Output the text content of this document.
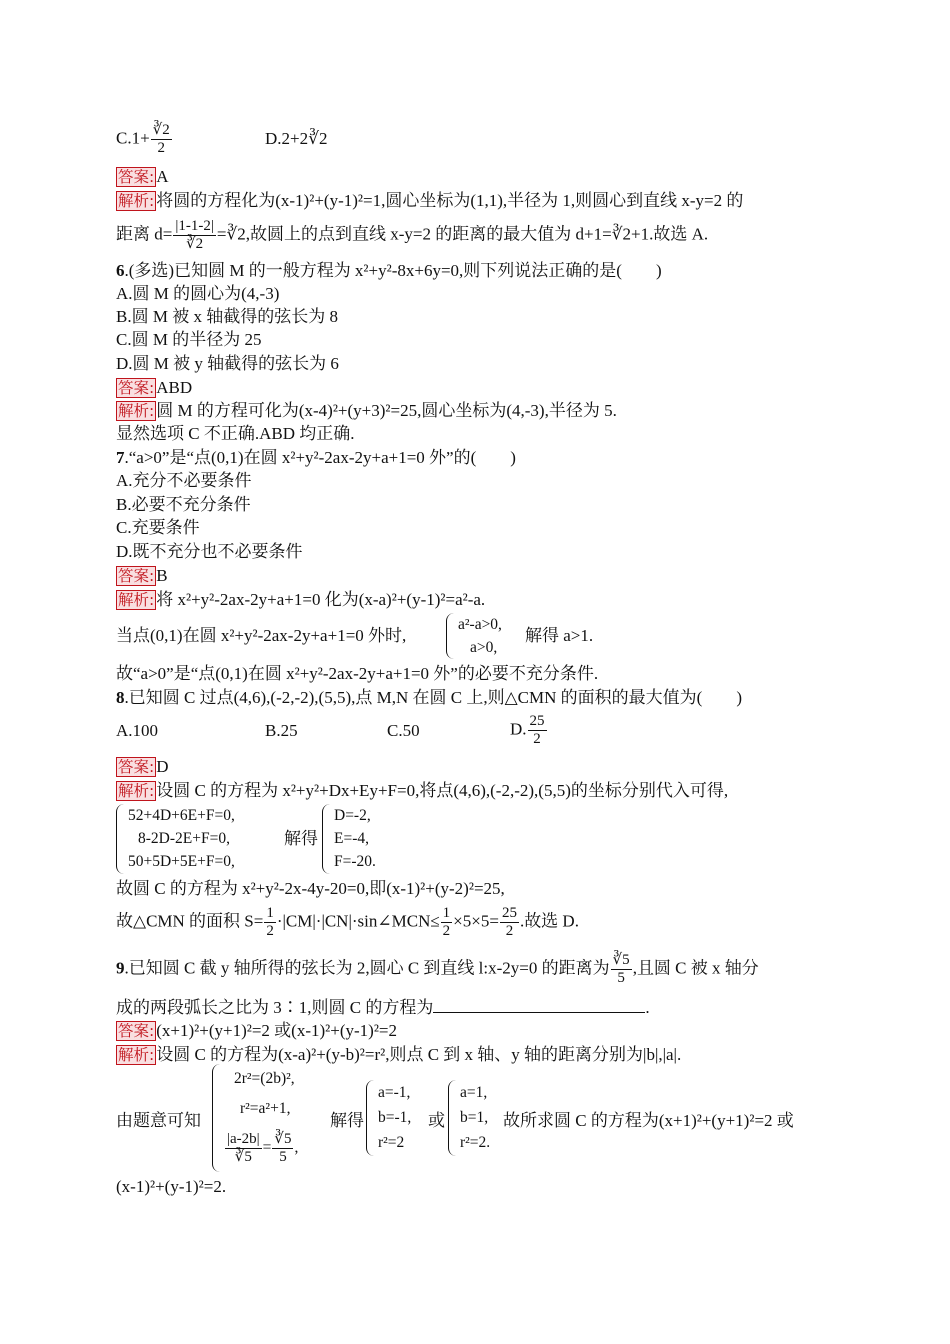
$C.1+ \frac{∛2}{2}$	D.2+2∛2
答案: A
解析: 将圆的方程化为(x-1)²+(y-1)²=1,圆心坐标为(1,1),半径为 1,则圆心到直线 x-y=2 的
距离 $d= \frac{|1-1-2|}{∛2}$ =∛2,故圆上的点到直线 x-y=2 的距离的最大值为 d+1=∛2+1.故选 A.
6.(多选)已知圆 M 的一般方程为 x²+y²-8x+6y=0,则下列说法正确的是(　　)
A.圆 M 的圆心为(4,-3)
B.圆 M 被 x 轴截得的弦长为 8
C.圆 M 的半径为 25
D.圆 M 被 y 轴截得的弦长为 6
答案: ABD
解析: 圆 M 的方程可化为(x-4)²+(y+3)²=25,圆心坐标为(4,-3),半径为 5.
显然选项 C 不正确.ABD 均正确.
7.“a>0”是“点(0,1)在圆 x²+y²-2ax-2y+a+1=0 外”的(　　)
A.充分不必要条件
B.必要不充分条件
C.充要条件
D.既不充分也不必要条件
答案: B
解析: 将 x²+y²-2ax-2y+a+1=0 化为(x-a)²+(y-1)²=a²-a.
当点(0,1)在圆 x²+y²-2ax-2y+a+1=0 外时,
a²-a>0,
a>0,
解得 a>1.
故“a>0”是“点(0,1)在圆 x²+y²-2ax-2y+a+1=0 外”的必要不充分条件.
8.已知圆 C 过点(4,6),(-2,-2),(5,5),点 M,N 在圆 C 上,则△CMN 的面积的最大值为(　　)
A.100	B.25	C.50	D. $\frac{25}{2}$
答案: D
解析: 设圆 C 的方程为 x²+y²+Dx+Ey+F=0,将点(4,6),(-2,-2),(5,5)的坐标分别代入可得,
52+4D+6E+F=0,
8-2D-2E+F=0,
50+5D+5E+F=0,
解得
D=-2,
E=-4,
F=-20.
故圆 C 的方程为 x²+y²-2x-4y-20=0,即(x-1)²+(y-2)²=25,
故△CMN 的面积 $S= \frac{1}{2}$ ·|CM|·|CN|·sin∠MCN≤ $\frac{1}{2} \times 5\times 5= \frac{25}{2}$ .故选 D.
9.已知圆 C 截 y 轴所得的弦长为 2,圆心 C 到直线 l:x-2y=0 的距离为 $\frac{∛5}{5}$ ,且圆 C 被 x 轴分
成的两段弧长之比为 3∶1,则圆 C 的方程为	.
答案: (x+1)²+(y+1)²=2 或(x-1)²+(y-1)²=2
解析: 设圆 C 的方程为(x-a)²+(y-b)²=r²,则点 C 到 x 轴、y 轴的距离分别为|b|,|a|.
由题意可知
2r²=(2b)²,
r²=a²+1,
$\frac{|a-2b|}{∛5} = \frac{∛5}{5}$ ,
解得
a=-1,
b=-1,
r²=2
或
a=1,
b=1,
r²=2.
故所求圆 C 的方程为(x+1)²+(y+1)²=2 或
(x-1)²+(y-1)²=2.
